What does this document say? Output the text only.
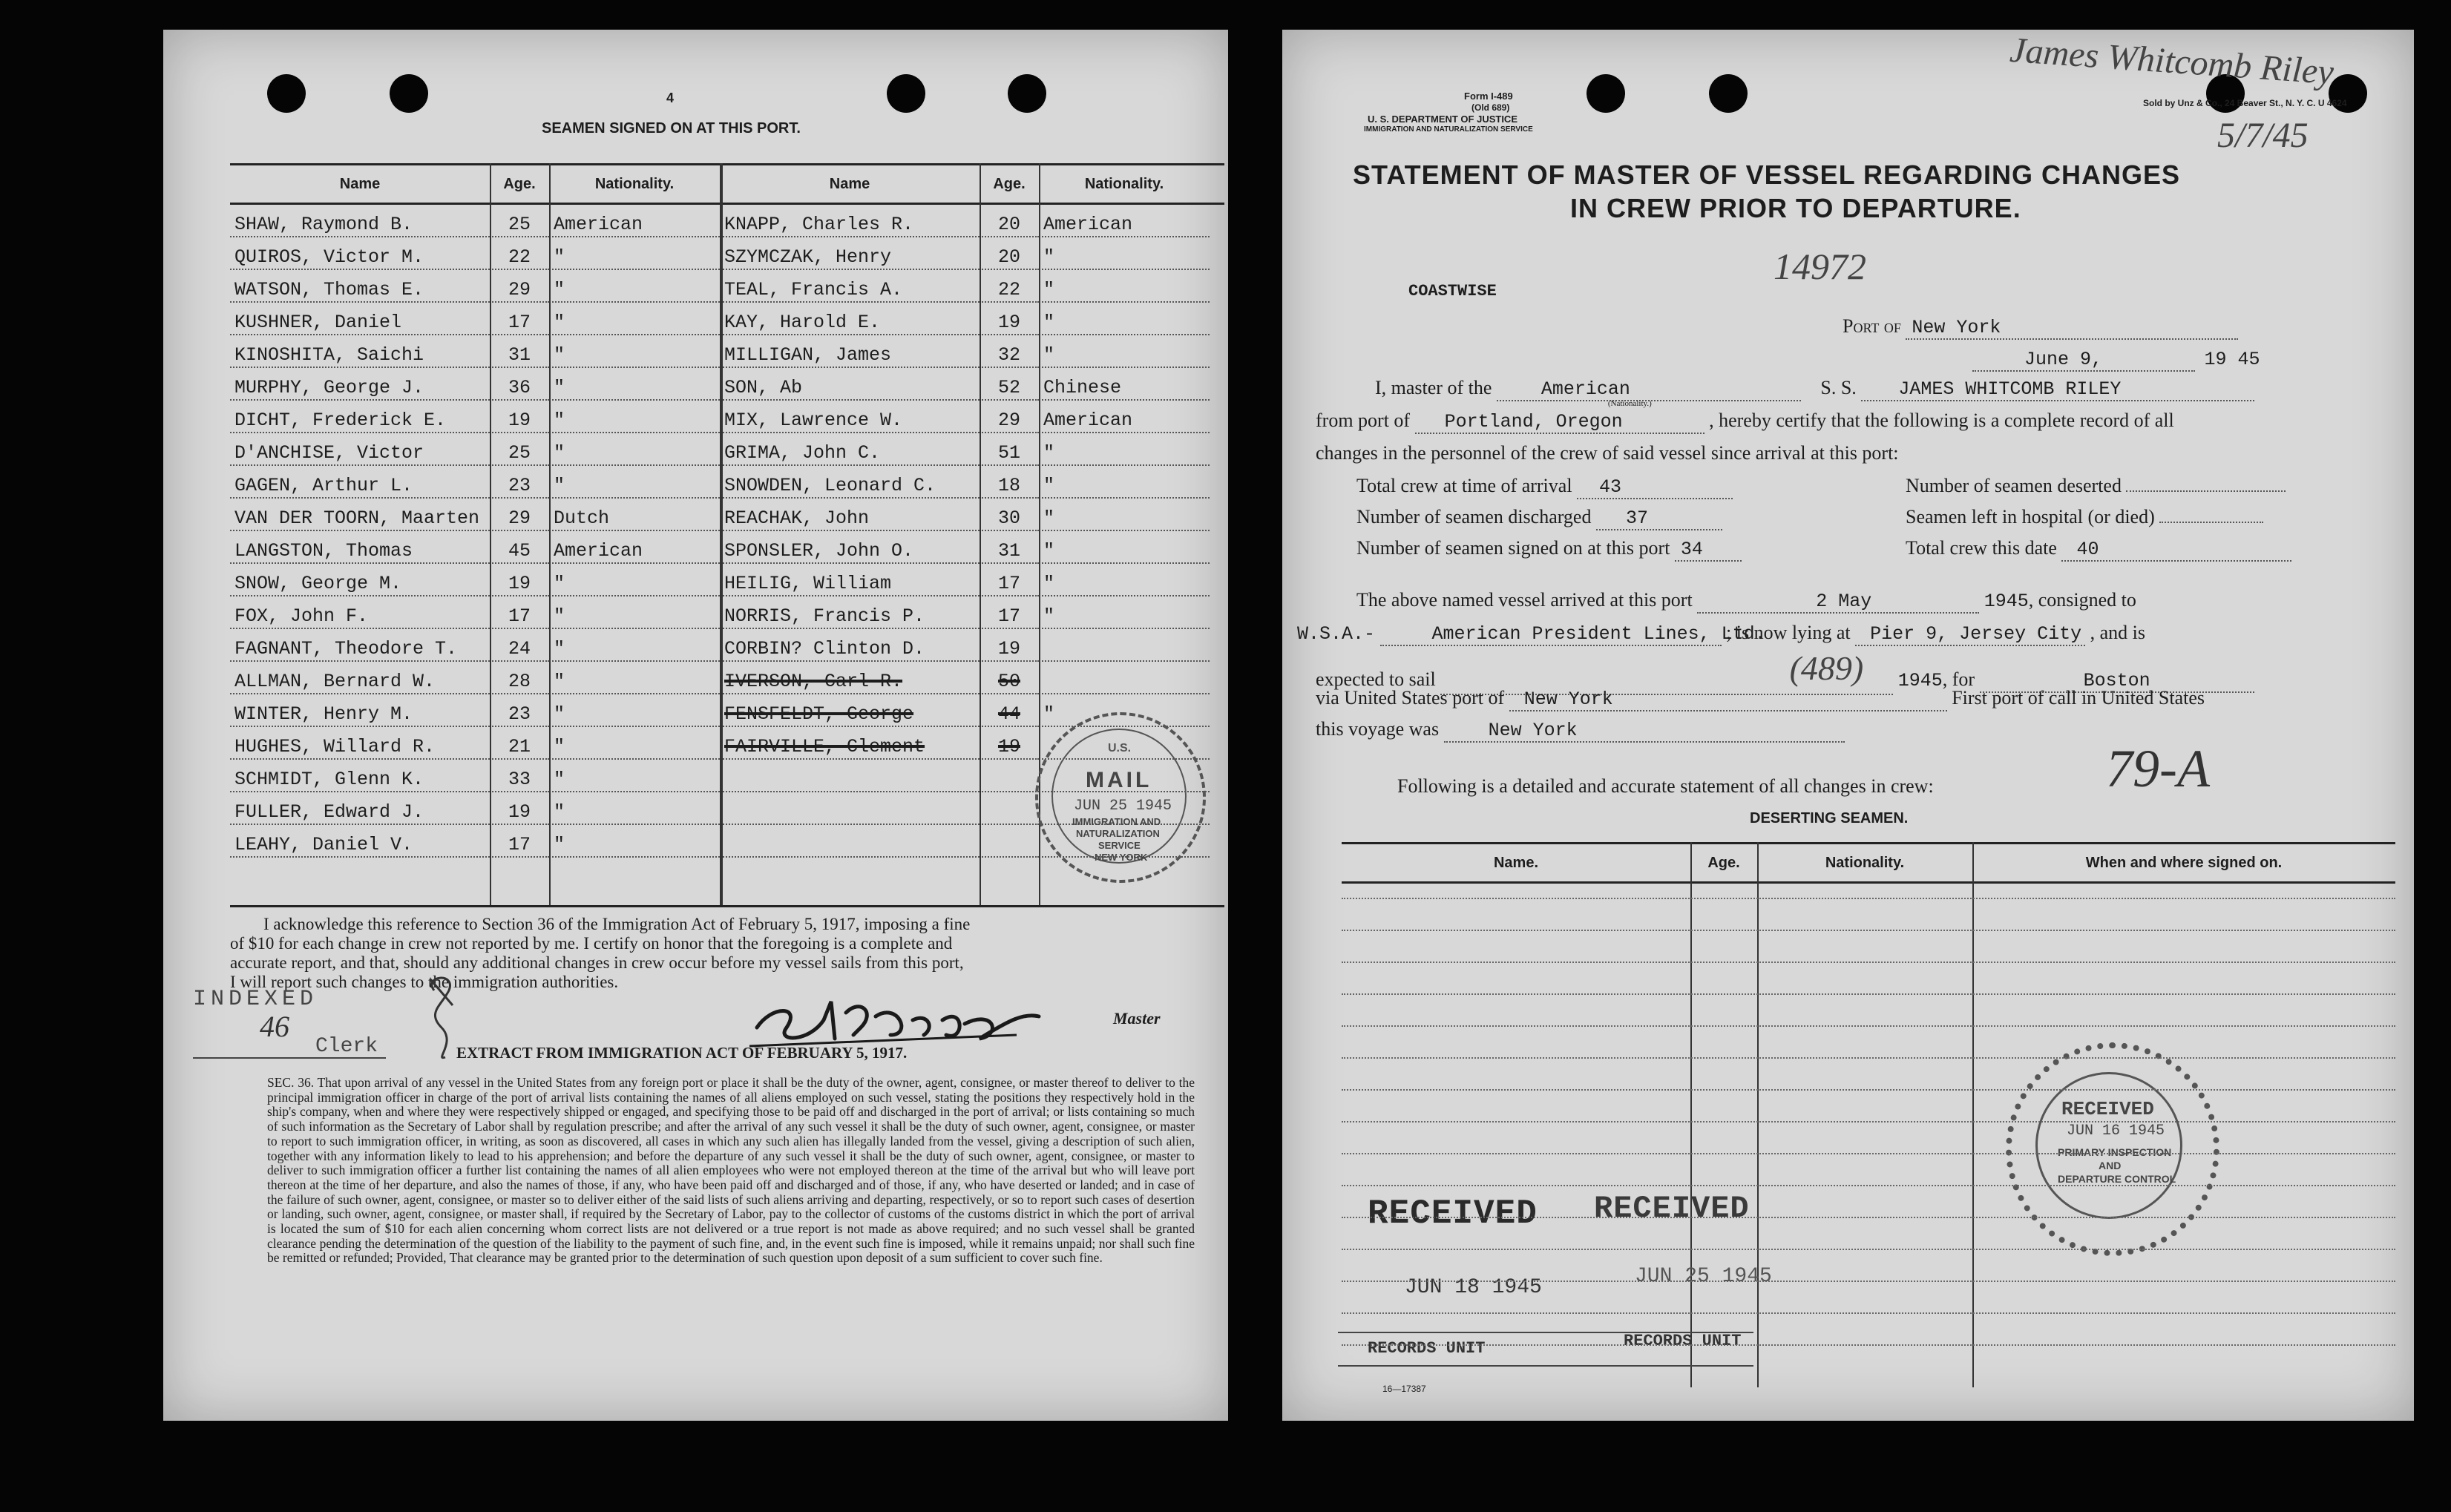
4
SEAMEN SIGNED ON AT THIS PORT.
Name	Age.	Nationality.	Name	Age.	Nationality.
SHAW, Raymond B.	25	American	KNAPP, Charles R.	20	American
QUIROS, Victor M.	22	"	SZYMCZAK, Henry	20	"
WATSON, Thomas E.	29	"	TEAL, Francis A.	22	"
KUSHNER, Daniel	17	"	KAY, Harold E.	19	"
KINOSHITA, Saichi	31	"	MILLIGAN, James	32	"
MURPHY, George J.	36	"	SON, Ab	52	Chinese
DICHT, Frederick E.	19	"	MIX, Lawrence W.	29	American
D'ANCHISE, Victor	25	"	GRIMA, John C.	51	"
GAGEN, Arthur L.	23	"	SNOWDEN, Leonard C.	18	"
VAN DER TOORN, Maarten	29	Dutch	REACHAK, John	30	"
LANGSTON, Thomas	45	American	SPONSLER, John O.	31	"
SNOW, George M.	19	"	HEILIG, William	17	"
FOX, John F.	17	"	NORRIS, Francis P.	17	"
FAGNANT, Theodore T.	24	"	CORBIN? Clinton D.	19
ALLMAN, Bernard W.	28	"	IVERSON, Carl R.	50
WINTER, Henry M.	23	"	FENSFELDT, George	44	"
HUGHES, Willard R.	21	"	FAIRVILLE, Clement	19
SCHMIDT, Glenn K.	33	"
FULLER, Edward J.	19	"
LEAHY, Daniel V.	17	"
I acknowledge this reference to Section 36 of the Immigration Act of February 5, 1917, imposing a fine
of $10 for each change in crew not reported by me. I certify on honor that the foregoing is a complete and
accurate report, and that, should any additional changes in crew occur before my vessel sails from this port,
I will report such changes to the immigration authorities.
Master
INDEXED
46
Clerk	EXTRACT FROM IMMIGRATION ACT OF FEBRUARY 5, 1917.
SEC. 36. That upon arrival of any vessel in the United States from any foreign port or place it shall be the duty of the owner, agent, consignee, or master thereof to deliver to the principal immigration officer in charge of the port of arrival lists containing the names of all aliens employed on such vessel, stating the positions they respectively hold in the ship's company, when and where they were respectively shipped or engaged, and specifying those to be paid off and discharged in the port of arrival; or lists containing so much of such information as the Secretary of Labor shall by regulation prescribe; and after the arrival of any such vessel it shall be the duty of such owner, agent, consignee, or master to report to such immigration officer, in writing, as soon as discovered, all cases in which any such alien has illegally landed from the vessel, giving a description of such alien, together with any information likely to lead to his apprehension; and before the departure of any such vessel it shall be the duty of such owner, agent, consignee, or master to deliver to such immigration officer a further list containing the names of all alien employees who were not employed thereon at the time of the arrival but who will leave port thereon at the time of her departure, and also the names of those, if any, who have been paid off and discharged and of those, if any, who have deserted or landed; and in case of the failure of such owner, agent, consignee, or master so to deliver either of the said lists of such aliens arriving and departing, respectively, or so to report such cases of desertion or landing, such owner, agent, consignee, or master shall, if required by the Secretary of Labor, pay to the collector of customs of the customs district in which the port of arrival is located the sum of $10 for each alien concerning whom correct lists are not delivered or a true report is not made as above required; and no such vessel shall be granted clearance pending the determination of the question of the liability to the payment of such fine, and, in the event such fine is imposed, while it remains unpaid; nor shall such fine be remitted or refunded; Provided, That clearance may be granted prior to the determination of such question upon deposit of a sum sufficient to cover such fine.
U.S.
MAIL
JUN 25 1945
IMMIGRATION AND
NATURALIZATION
SERVICE
NEW YORK
Form I-489
(Old 689)
U. S. DEPARTMENT OF JUSTICE
IMMIGRATION AND NATURALIZATION SERVICE
Sold by Unz & Co., 24 Beaver St., N. Y. C. U 4624
James Whitcomb Riley
5/7/45
STATEMENT OF MASTER OF VESSEL REGARDING CHANGES
IN CREW PRIOR TO DEPARTURE.
14972
COASTWISE
Port of New York
June 9,	19 45
I, master of the	American
(Nationality.)
S. S. JAMES WHITCOMB RILEY
from port of Portland, Oregon	, hereby certify that the following is a complete record of all
changes in the personnel of the crew of said vessel since arrival at this port:
Total crew at time of arrival 43	Number of seamen deserted
Number of seamen discharged 37	Seamen left in hospital (or died)
Number of seamen signed on at this port 34	Total crew this date 40
The above named vessel arrived at this port	2 May	1945, consigned to
W.S.A.-	American President Lines, Ltd. ; is now lying at Pier 9, Jersey City , and is
expected to sail	(489) 1945, for	Boston
via United States port of New York	First port of call in United States
this voyage was	New York
79-A
Following is a detailed and accurate statement of all changes in crew:
DESERTING SEAMEN.
Name.	Age.	Nationality.	When and where signed on.
RECEIVED RECEIVED
JUN 18 1945	JUN 25 1945
RECORDS UNIT	RECORDS UNIT
16—17387
RECEIVED
JUN 16 1945
PRIMARY INSPECTION
AND
DEPARTURE CONTROL
